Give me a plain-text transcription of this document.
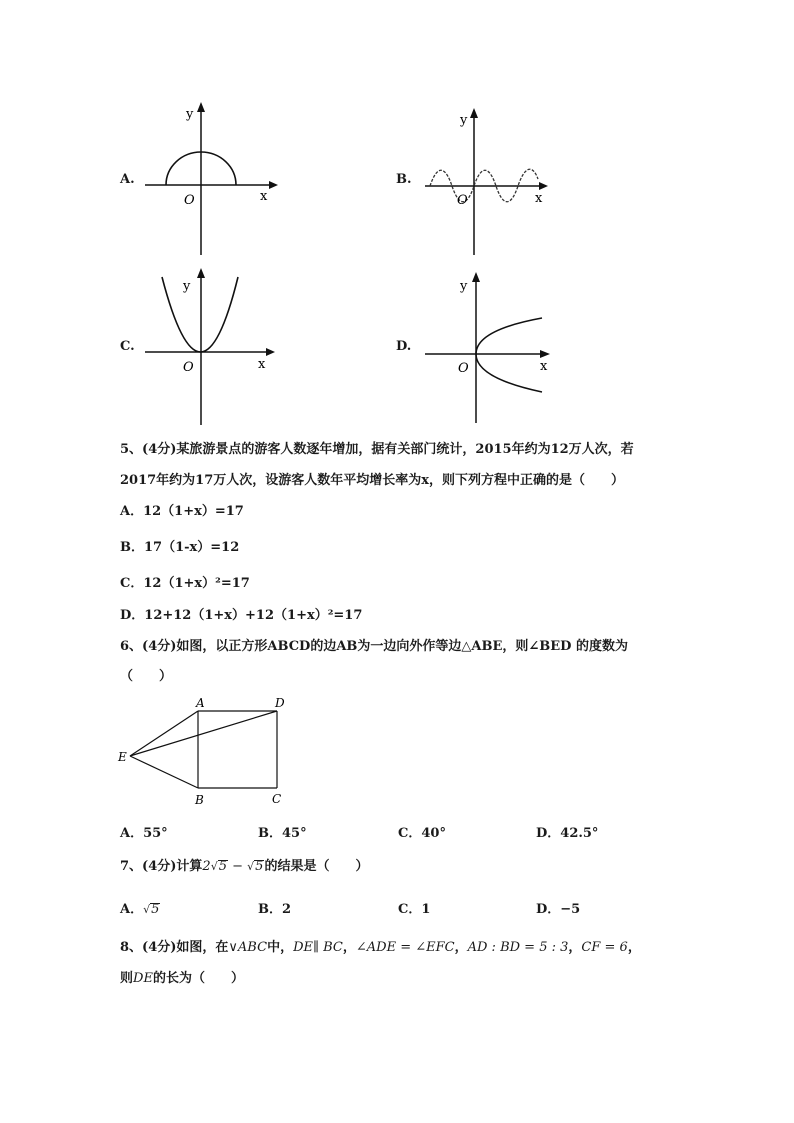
A.
y
x
O
B.
y
x
O
C.
y
x
O
D.
y
x
O
5、(4分)某旅游景点的游客人数逐年增加，据有关部门统计，2015年约为12万人次，若
2017年约为17万人次，设游客人数年平均增长率为x，则下列方程中正确的是（　　）
A．12（1+x）=17
B．17（1-x）=12
C．12（1+x）²=17
D．12+12（1+x）+12（1+x）²=17
6、(4分)如图，以正方形ABCD的边AB为一边向外作等边△ABE，则∠BED 的度数为
（　　）
A	D
E
B	C
A．55°	B．45°	C．40°	D．42.5°
7、(4分)计算2√5 − √5的结果是（　　）
A．√5	B．2	C．1	D．−5
8、(4分)如图，在∨ABC中，DE∥ BC，∠ADE = ∠EFC，AD : BD = 5 : 3，CF = 6，
则DE的长为（　　）
